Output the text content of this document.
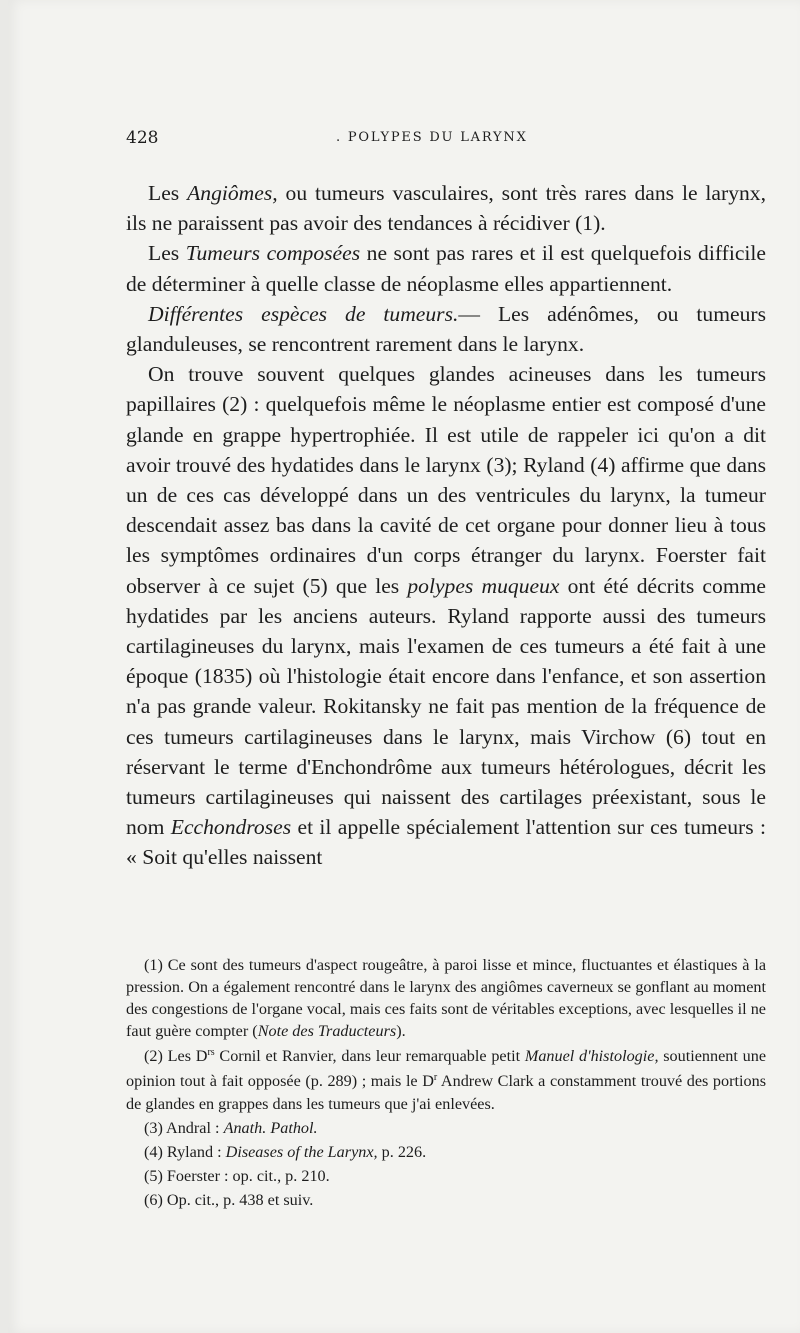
428	. POLYPES DU LARYNX

Les Angiômes, ou tumeurs vasculaires, sont très rares dans le larynx, ils ne paraissent pas avoir des tendances à récidiver (1).

Les Tumeurs composées ne sont pas rares et il est quelquefois difficile de déterminer à quelle classe de néoplasme elles appartiennent.

Différentes espèces de tumeurs.— Les adénômes, ou tumeurs glanduleuses, se rencontrent rarement dans le larynx.

On trouve souvent quelques glandes acineuses dans les tumeurs papillaires (2) : quelquefois même le néoplasme entier est composé d'une glande en grappe hypertrophiée. Il est utile de rappeler ici qu'on a dit avoir trouvé des hydatides dans le larynx (3); Ryland (4) affirme que dans un de ces cas développé dans un des ventricules du larynx, la tumeur descendait assez bas dans la cavité de cet organe pour donner lieu à tous les symptômes ordinaires d'un corps étranger du larynx. Foerster fait observer à ce sujet (5) que les polypes muqueux ont été décrits comme hydatides par les anciens auteurs. Ryland rapporte aussi des tumeurs cartilagineuses du larynx, mais l'examen de ces tumeurs a été fait à une époque (1835) où l'histologie était encore dans l'enfance, et son assertion n'a pas grande valeur. Rokitansky ne fait pas mention de la fréquence de ces tumeurs cartilagineuses dans le larynx, mais Virchow (6) tout en réservant le terme d'Enchondrôme aux tumeurs hétérologues, décrit les tumeurs cartilagineuses qui naissent des cartilages préexistant, sous le nom Ecchondroses et il appelle spécialement l'attention sur ces tumeurs : « Soit qu'elles naissent

(1) Ce sont des tumeurs d'aspect rougeâtre, à paroi lisse et mince, fluctuantes et élastiques à la pression. On a également rencontré dans le larynx des angiômes caverneux se gonflant au moment des congestions de l'organe vocal, mais ces faits sont de véritables exceptions, avec lesquelles il ne faut guère compter (Note des Traducteurs).

(2) Les $D^{rs}$ Cornil et Ranvier, dans leur remarquable petit Manuel d'histologie, soutiennent une opinion tout à fait opposée (p. 289) ; mais le $D^r$ Andrew Clark a constamment trouvé des portions de glandes en grappes dans les tumeurs que j'ai enlevées.

(3) Andral : Anath. Pathol.

(4) Ryland : Diseases of the Larynx, p. 226.

(5) Foerster : op. cit., p. 210.

(6) Op. cit., p. 438 et suiv.
